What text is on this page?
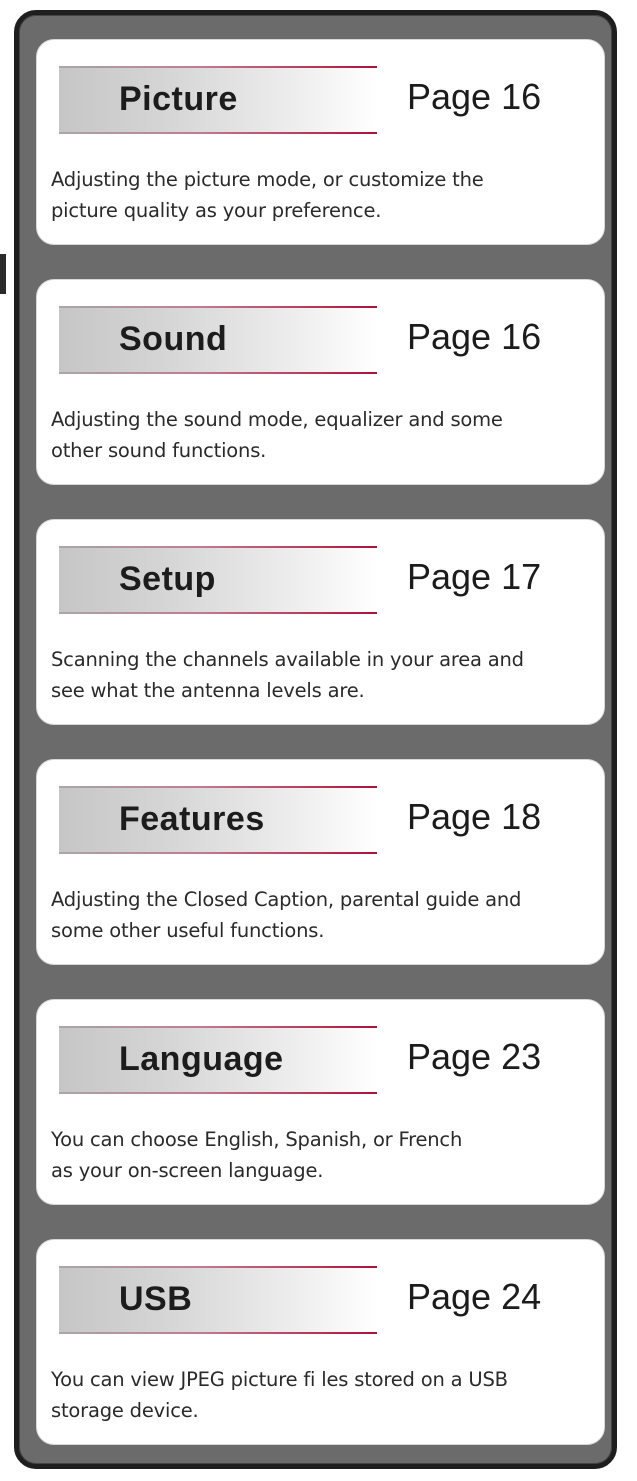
Picture	Page 16
Adjusting the picture mode, or customize the
picture quality as your preference.
Sound	Page 16
Adjusting the sound mode, equalizer and some
other sound functions.
Setup	Page 17
Scanning the channels available in your area and
see what the antenna levels are.
Features	Page 18
Adjusting the Closed Caption, parental guide and
some other useful functions.
Language	Page 23
You can choose English, Spanish, or French
as your on-screen language.
USB	Page 24
You can view JPEG picture fi les stored on a USB
storage device.
